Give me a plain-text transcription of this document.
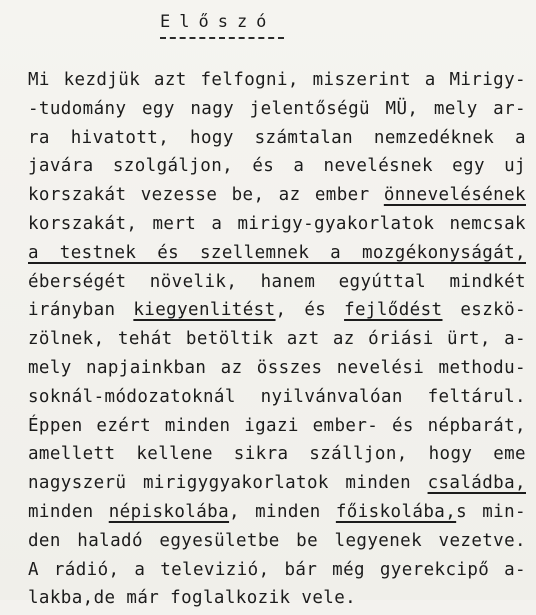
Előszó
Mi kezdjük azt felfogni, miszerint a Mirigy-
-tudomány egy nagy jelentőségü MÜ, mely ar-
ra hivatott, hogy számtalan nemzedéknek a
javára szolgáljon, és a nevelésnek egy uj
korszakát vezesse be, az ember önnevelésének
korszakát, mert a mirigy-gyakorlatok nemcsak
a testnek és szellemnek a mozgékonyságát,
éberségét növelik, hanem egyúttal mindkét
irányban kiegyenlitést, és fejlődést eszkö-
zölnek, tehát betöltik azt az óriási ürt, a-
mely napjainkban az összes nevelési methodu-
soknál-módozatoknál nyilvánvalóan feltárul.
Éppen ezért minden igazi ember- és népbarát,
amellett kellene sikra szálljon, hogy eme
nagyszerü mirigygyakorlatok minden családba,
minden népiskolába, minden főiskolába,s min-
den haladó egyesületbe be legyenek vezetve.
A rádió, a televizió, bár még gyerekcipő a-
lakba,de már foglalkozik vele.
